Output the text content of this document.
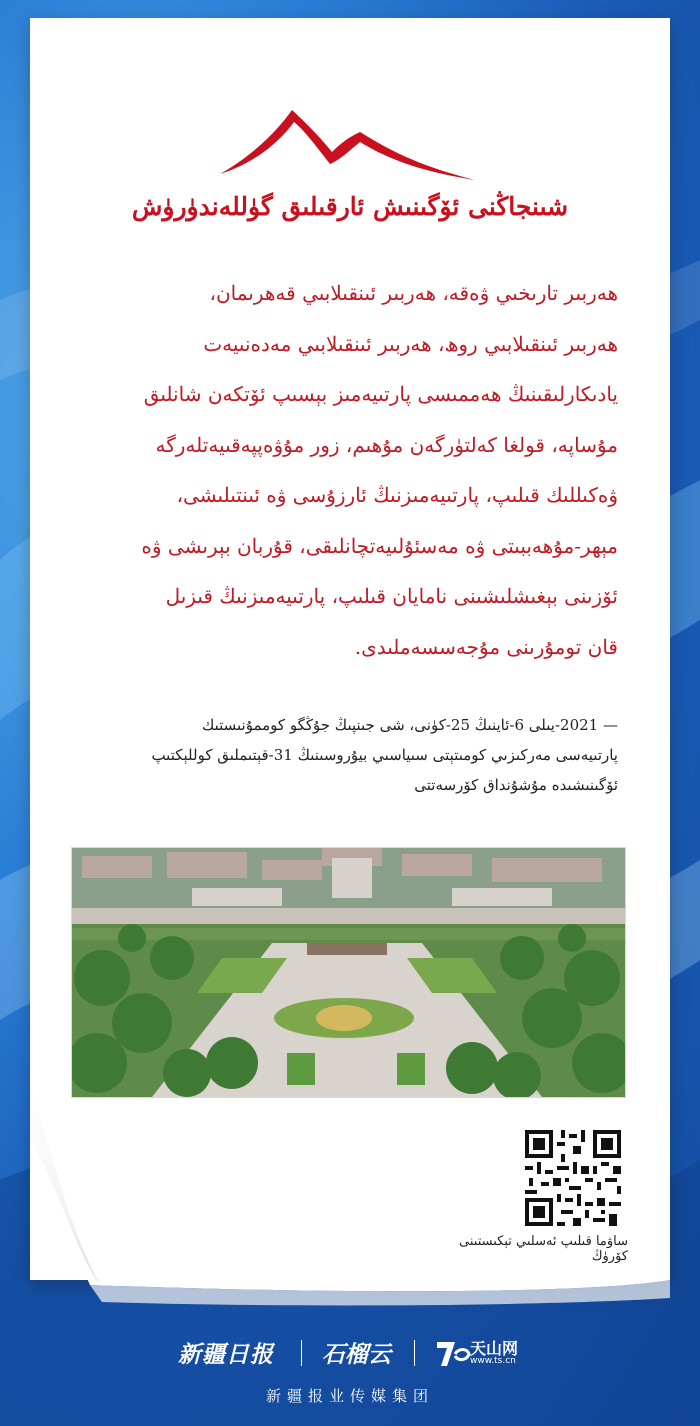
شىنجاڭنى ئۆگىنىش ئارقىلىق گۈللەندۈرۈش
ھەربىر تارىخىي ۋەقە، ھەربىر ئىنقىلابىي قەھرىمان،
ھەربىر ئىنقىلابىي روھ، ھەربىر ئىنقىلابىي مەدەنىيەت
يادىكارلىقىنىڭ ھەممىسى پارتىيەمىز بېسىپ ئۆتكەن شانلىق
مۇساپە، قولغا كەلتۈرگەن مۇھىم، زور مۇۋەپپەقىيەتلەرگە
ۋەكىللىك قىلىپ، پارتىيەمىزنىڭ ئارزۇسى ۋە ئىنتىلىشى،
مېھر-مۇھەببىتى ۋە مەسئۇلىيەتچانلىقى، قۇربان بېرىشى ۋە
ئۆزىنى بېغىشلىشىنى نامايان قىلىپ، پارتىيەمىزنىڭ قىزىل
قان تومۇرىنى مۇجەسسەملىدى.
— 2021-يىلى 6-ئاينىڭ 25-كۈنى، شى جىنپىڭ جۇڭگو كوممۇنىستىك
پارتىيەسى مەركىزىي كومىتېتى سىياسىي بيۇروسىنىڭ 31-قېتىملىق كوللېكتىپ
ئۆگىنىشىدە مۇشۇنداق كۆرسەتتى
ساۋما قىلىپ ئەسلىي تېكىستىنى كۆرۈڭ
新疆日报 石榴云	天山网
www.ts.cn
新疆报业传媒集团
